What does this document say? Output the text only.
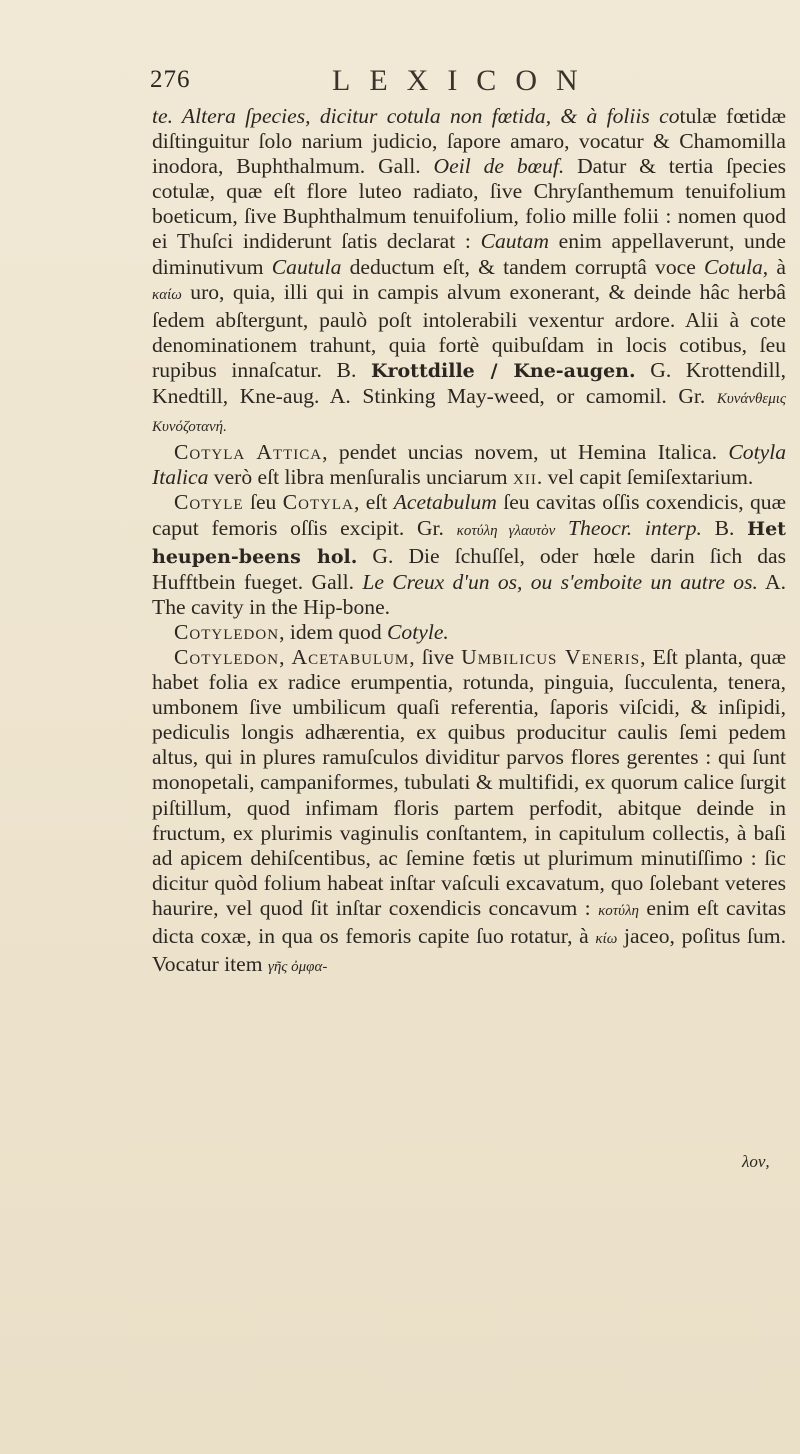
276	LEXICON

te. Altera ſpecies, dicitur cotula non fœtida, & à foliis cotulæ fœtidæ diſtinguitur ſolo narium judicio, ſapore amaro, vocatur & Chamomilla inodora, Buphthalmum. Gall. Oeil de bœuf. Datur & tertia ſpecies cotulæ, quæ eſt flore luteo radiato, ſive Chryſanthemum tenuifolium boeticum, ſive Buphthalmum tenuifolium, folio mille folii : nomen quod ei Thuſci indiderunt ſatis declarat : Cautam enim appellaverunt, unde diminutivum Cautula deductum eſt, & tandem corruptâ voce Cotula, à καίω uro, quia, illi qui in campis alvum exonerant, & deinde hâc herbâ ſedem abſtergunt, paulò poſt intolerabili vexentur ardore. Alii à cote denominationem trahunt, quia fortè quibuſdam in locis cotibus, ſeu rupibus innaſcatur. B. Krottdille / Kne-augen. G. Krottendill, Knedtill, Kne-aug. A. Stinking May-weed, or camomil. Gr. Κυνάνθεμις Κυνόζοτανή.

Cotyla Attica, pendet uncias novem, ut Hemina Italica. Cotyla Italica verò eſt libra menſuralis unciarum xii. vel capit ſemiſextarium.

Cotyle ſeu Cotyla, eſt Acetabulum ſeu cavitas oſſis coxendicis, quæ caput femoris oſſis excipit. Gr. κοτύλη γλαυτὸν Theocr. interp. B. Het heupen-beens hol. G. Die ſchuſſel, oder hœle darin ſich das Hufftbein fueget. Gall. Le Creux d'un os, ou s'emboite un autre os. A. The cavity in the Hip-bone.

Cotyledon, idem quod Cotyle.

Cotyledon, Acetabulum, ſive Umbilicus Veneris, Eſt planta, quæ habet folia ex radice erumpentia, rotunda, pinguia, ſucculenta, tenera, umbonem ſive umbilicum quaſi referentia, ſaporis viſcidi, & inſipidi, pediculis longis adhærentia, ex quibus producitur caulis ſemi pedem altus, qui in plures ramuſculos dividitur parvos flores gerentes : qui ſunt monopetali, campaniformes, tubulati & multifidi, ex quorum calice ſurgit piſtillum, quod infimam floris partem perfodit, abitque deinde in fructum, ex plurimis vaginulis conſtantem, in capitulum collectis, à baſi ad apicem dehiſcentibus, ac ſemine fœtis ut plurimum minutiſſimo : ſic dicitur quòd folium habeat inſtar vaſculi excavatum, quo ſolebant veteres haurire, vel quod ſit inſtar coxendicis concavum : κοτύλη enim eſt cavitas dicta coxæ, in qua os femoris capite ſuo rotatur, à κίω jaceo, poſitus ſum. Vocatur item γῆς ὀμφα-

λον,
